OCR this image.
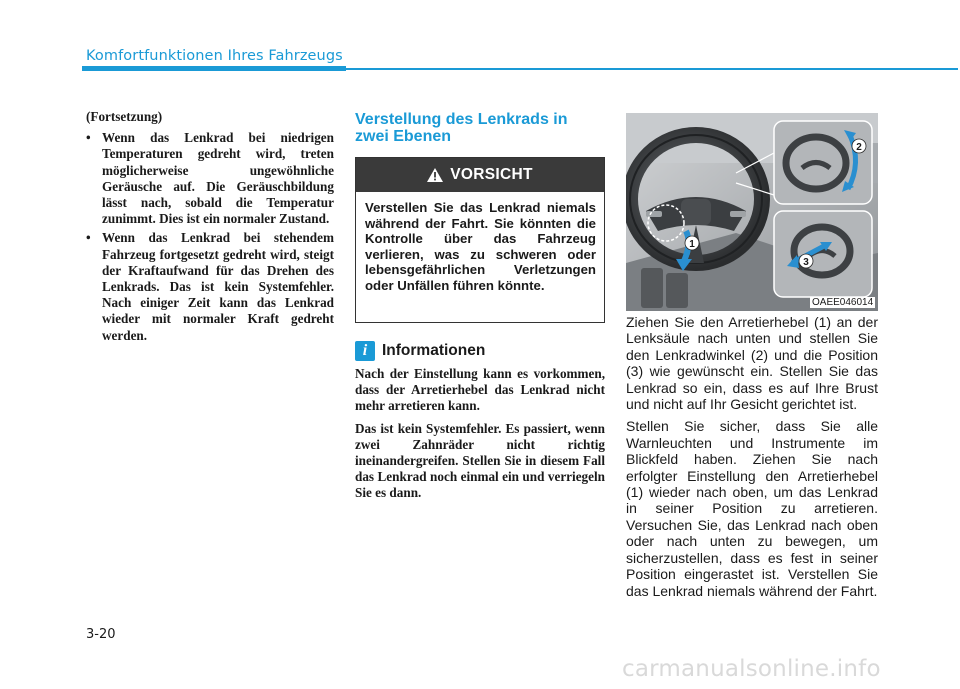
Komfortfunktionen Ihres Fahrzeugs
(Fortsetzung)
• Wenn das Lenkrad bei niedrigen Temperaturen gedreht wird, treten möglicherweise ungewöhnliche Geräusche auf. Die Geräuschbildung lässt nach, sobald die Temperatur zunimmt. Dies ist ein normaler Zustand.
• Wenn das Lenkrad bei stehendem Fahrzeug fortgesetzt gedreht wird, steigt der Kraftaufwand für das Drehen des Lenkrads. Das ist kein Systemfehler. Nach einiger Zeit kann das Lenkrad wieder mit normaler Kraft gedreht werden.
Verstellung des Lenkrads in zwei Ebenen
VORSICHT
Verstellen Sie das Lenkrad niemals während der Fahrt. Sie könnten die Kontrolle über das Fahrzeug verlieren, was zu schweren oder lebensgefährlichen Verletzungen oder Unfällen führen könnte.
i Informationen

Nach der Einstellung kann es vorkommen, dass der Arretierhebel das Lenkrad nicht mehr arretieren kann.

Das ist kein Systemfehler. Es passiert, wenn zwei Zahnräder nicht richtig ineinandergreifen. Stellen Sie in diesem Fall das Lenkrad noch einmal ein und verriegeln Sie es dann.

1
2
3
OAEE046014

Ziehen Sie den Arretierhebel (1) an der Lenksäule nach unten und stellen Sie den Lenkradwinkel (2) und die Position (3) wie gewünscht ein. Stellen Sie das Lenkrad so ein, dass es auf Ihre Brust und nicht auf Ihr Gesicht gerichtet ist.

Stellen Sie sicher, dass Sie alle Warnleuchten und Instrumente im Blickfeld haben. Ziehen Sie nach erfolgter Einstellung den Arretierhebel (1) wieder nach oben, um das Lenkrad in seiner Position zu arretieren. Versuchen Sie, das Lenkrad nach oben oder nach unten zu bewegen, um sicherzustellen, dass es fest in seiner Position eingerastet ist. Verstellen Sie das Lenkrad niemals während der Fahrt.

3-20
carmanualsonline.info
